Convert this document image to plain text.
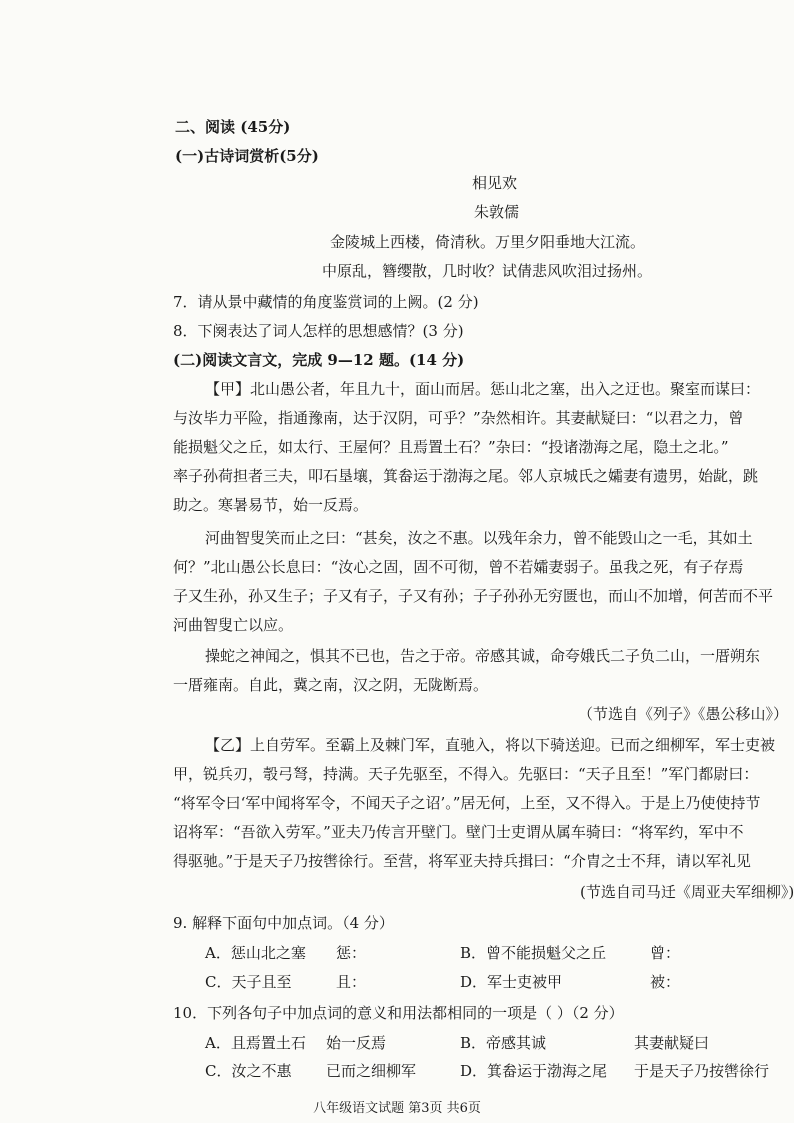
二、阅读 (45分)
(一)古诗词赏析(5分)
相见欢
朱敦儒
金陵城上西楼，倚清秋。万里夕阳垂地大江流。
中原乱，簪缨散，几时收？试倩悲风吹泪过扬州。
7．请从景中藏情的角度鉴赏词的上阙。(2 分)
8．下阕表达了词人怎样的思想感情？(3 分)
(二)阅读文言文，完成 9—12 题。(14 分)
【甲】北山愚公者，年且九十，面山而居。惩山北之塞，出入之迂也。聚室而谋曰：
与汝毕力平险，指通豫南，达于汉阴，可乎？”杂然相许。其妻献疑曰：“以君之力，曾
能损魁父之丘，如太行、王屋何？且焉置土石？”杂曰：“投诸渤海之尾，隐土之北。”
率子孙荷担者三夫，叩石垦壤，箕畚运于渤海之尾。邻人京城氏之孀妻有遗男，始龀，跳
助之。寒暑易节，始一反焉。
河曲智叟笑而止之曰：“甚矣，汝之不惠。以残年余力，曾不能毁山之一毛，其如土
何？”北山愚公长息曰：“汝心之固，固不可彻，曾不若孀妻弱子。虽我之死，有子存焉
子又生孙，孙又生子；子又有子，子又有孙；子子孙孙无穷匮也，而山不加增，何苦而不平
河曲智叟亡以应。
操蛇之神闻之，惧其不已也，告之于帝。帝感其诚，命夸娥氏二子负二山，一厝朔东
一厝雍南。自此，冀之南，汉之阴，无陇断焉。
（节选自《列子》《愚公移山》）
【乙】上自劳军。至霸上及棘门军，直驰入，将以下骑送迎。已而之细柳军，军士吏被
甲，锐兵刃，彀弓弩，持满。天子先驱至，不得入。先驱曰：“天子且至！”军门都尉曰：
“将军令曰‘军中闻将军令，不闻天子之诏’。”居无何，上至，又不得入。于是上乃使使持节
诏将军：“吾欲入劳军。”亚夫乃传言开壁门。壁门士吏谓从属车骑曰：“将军约，军中不
得驱驰。”于是天子乃按辔徐行。至营，将军亚夫持兵揖曰：“介胄之士不拜，请以军礼见
(节选自司马迁《周亚夫军细柳》)
9. 解释下面句中加点词。（4 分）
A．惩山北之塞 惩：	B．曾不能损魁父之丘	曾：
C．天子且至	且：	D．军士吏被甲	被：
10．下列各句子中加点词的意义和用法都相同的一项是（ ）（2 分）
A．且焉置土石 始一反焉	B．帝感其诚	其妻献疑曰
C．汝之不惠 已而之细柳军	D．箕畚运于渤海之尾 于是天子乃按辔徐行
八年级语文试题 第3页 共6页
